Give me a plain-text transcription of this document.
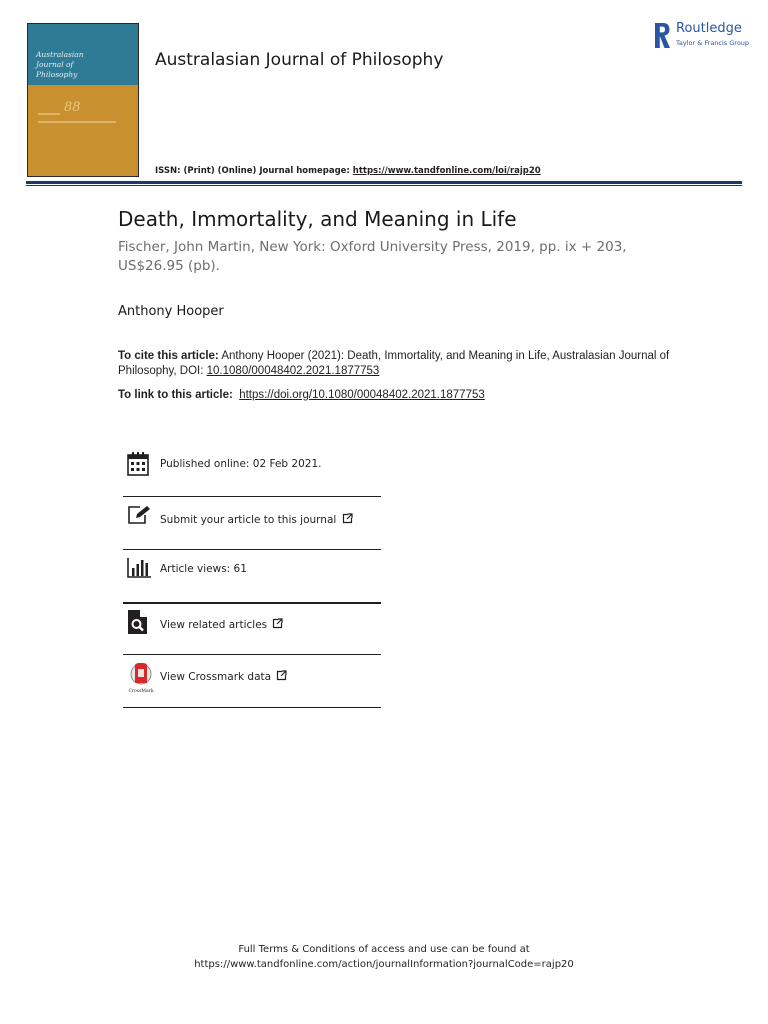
Australasian
Journal of
Philosophy
88
Australasian Journal of Philosophy
Routledge
Taylor & Francis Group
ISSN: (Print) (Online) Journal homepage: https://www.tandfonline.com/loi/rajp20
Death, Immortality, and Meaning in Life

Fischer, John Martin, New York: Oxford University Press, 2019, pp. ix + 203, US$26.95 (pb).

Anthony Hooper
To cite this article: Anthony Hooper (2021): Death, Immortality, and Meaning in Life, Australasian Journal of Philosophy, DOI: 10.1080/00048402.2021.1877753
To link to this article: https://doi.org/10.1080/00048402.2021.1877753
Published online: 02 Feb 2021.
Submit your article to this journal
Article views: 61
View related articles
CrossMark
View Crossmark data
Full Terms & Conditions of access and use can be found at
https://www.tandfonline.com/action/journalInformation?journalCode=rajp20
